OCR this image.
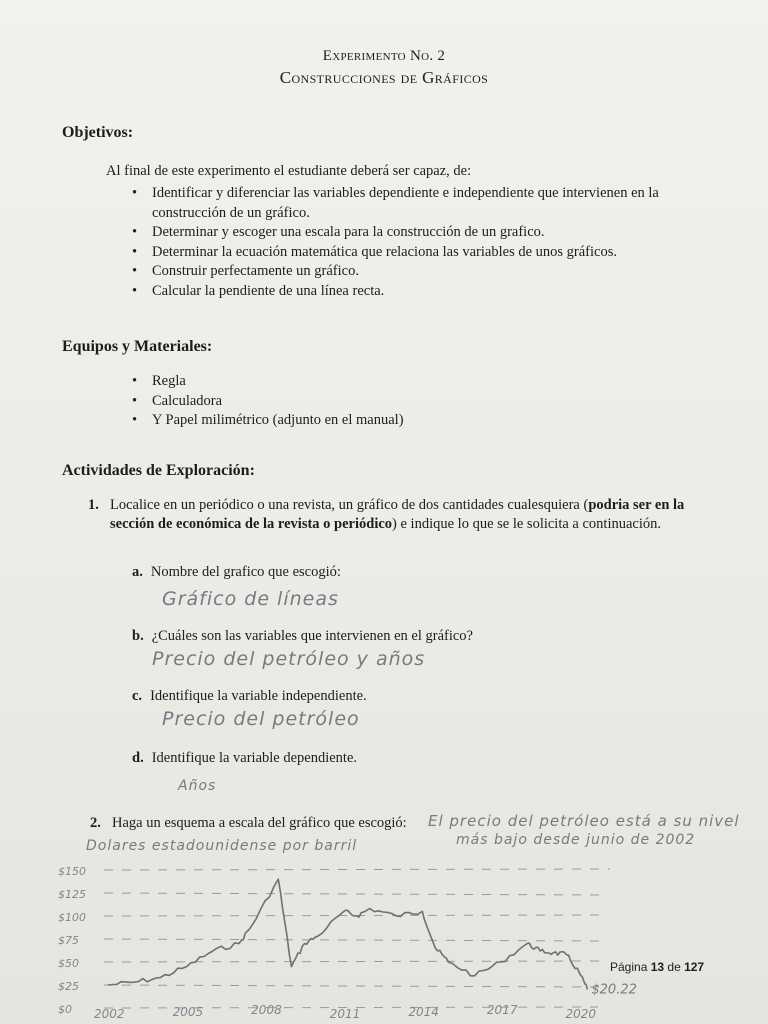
Experimento No. 2
Construcciones de Gráficos
Objetivos:
Al final de este experimento el estudiante deberá ser capaz, de:
• Identificar y diferenciar las variables dependiente e independiente que intervienen en la construcción de un gráfico.
• Determinar y escoger una escala para la construcción de un grafico.
• Determinar la ecuación matemática que relaciona las variables de unos gráficos.
• Construir perfectamente un gráfico.
• Calcular la pendiente de una línea recta.
Equipos y Materiales:
• Regla
• Calculadora
• Y Papel milimétrico (adjunto en el manual)
Actividades de Exploración:
1. Localice en un periódico o una revista, un gráfico de dos cantidades cualesquiera (podria ser en la sección de económica de la revista o periódico) e indique lo que se le solicita a continuación.
a. Nombre del grafico que escogió:
Gráfico de líneas
b. ¿Cuáles son las variables que intervienen en el gráfico?
Precio del petróleo y años
c. Identifique la variable independiente.
Precio del petróleo
d. Identifique la variable dependiente.
Años
2. Haga un esquema a escala del gráfico que escogió: El precio del petróleo está a su nivel
más bajo desde junio de 2002
Dolares estadounidense por barril
$150
$125
$100
$75
$50
$25
$0 2002	2005	2008	2011	2014	2017	2020
$20.22
Página 13 de 127
